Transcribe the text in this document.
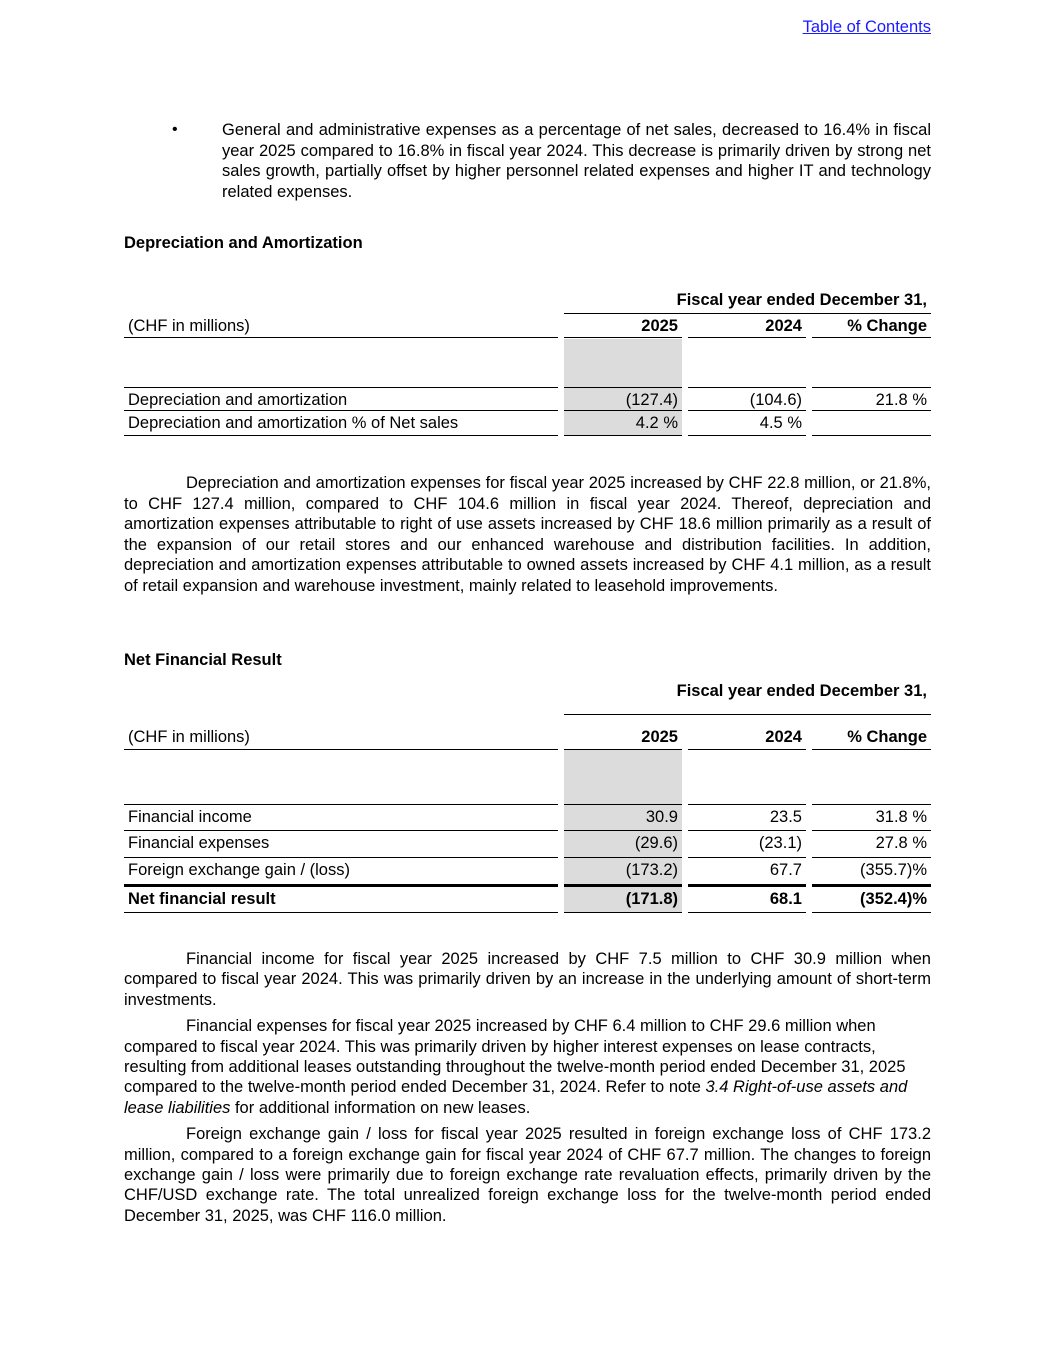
Table of Contents
•	General and administrative expenses as a percentage of net sales, decreased to 16.4% in fiscal year 2025 compared to 16.8% in fiscal year 2024. This decrease is primarily driven by strong net sales growth, partially offset by higher personnel related expenses and higher IT and technology related expenses.
Depreciation and Amortization
Fiscal year ended December 31,
(CHF in millions)	2025	2024	% Change
Depreciation and amortization	(127.4)	(104.6)	21.8 %
Depreciation and amortization % of Net sales	4.2 %	4.5 %

Depreciation and amortization expenses for fiscal year 2025 increased by CHF 22.8 million, or 21.8%, to CHF 127.4 million, compared to CHF 104.6 million in fiscal year 2024. Thereof, depreciation and amortization expenses attributable to right of use assets increased by CHF 18.6 million primarily as a result of the expansion of our retail stores and our enhanced warehouse and distribution facilities. In addition, depreciation and amortization expenses attributable to owned assets increased by CHF 4.1 million, as a result of retail expansion and warehouse investment, mainly related to leasehold improvements.

Net Financial Result
Fiscal year ended December 31,
(CHF in millions)	2025	2024	% Change
Financial income	30.9	23.5	31.8 %
Financial expenses	(29.6)	(23.1)	27.8 %
Foreign exchange gain / (loss)	(173.2)	67.7	(355.7)%
Net financial result	(171.8)	68.1	(352.4)%

Financial income for fiscal year 2025 increased by CHF 7.5 million to CHF 30.9 million when compared to fiscal year 2024. This was primarily driven by an increase in the underlying amount of short-term investments.

Financial expenses for fiscal year 2025 increased by CHF 6.4 million to CHF 29.6 million when compared to fiscal year 2024. This was primarily driven by higher interest expenses on lease contracts, resulting from additional leases outstanding throughout the twelve-month period ended December 31, 2025 compared to the twelve-month period ended December 31, 2024. Refer to note 3.4 Right-of-use assets and lease liabilities for additional information on new leases.

Foreign exchange gain / loss for fiscal year 2025 resulted in foreign exchange loss of CHF 173.2 million, compared to a foreign exchange gain for fiscal year 2024 of CHF 67.7 million. The changes to foreign exchange gain / loss were primarily due to foreign exchange rate revaluation effects, primarily driven by the CHF/USD exchange rate. The total unrealized foreign exchange loss for the twelve-month period ended December 31, 2025, was CHF 116.0 million.
